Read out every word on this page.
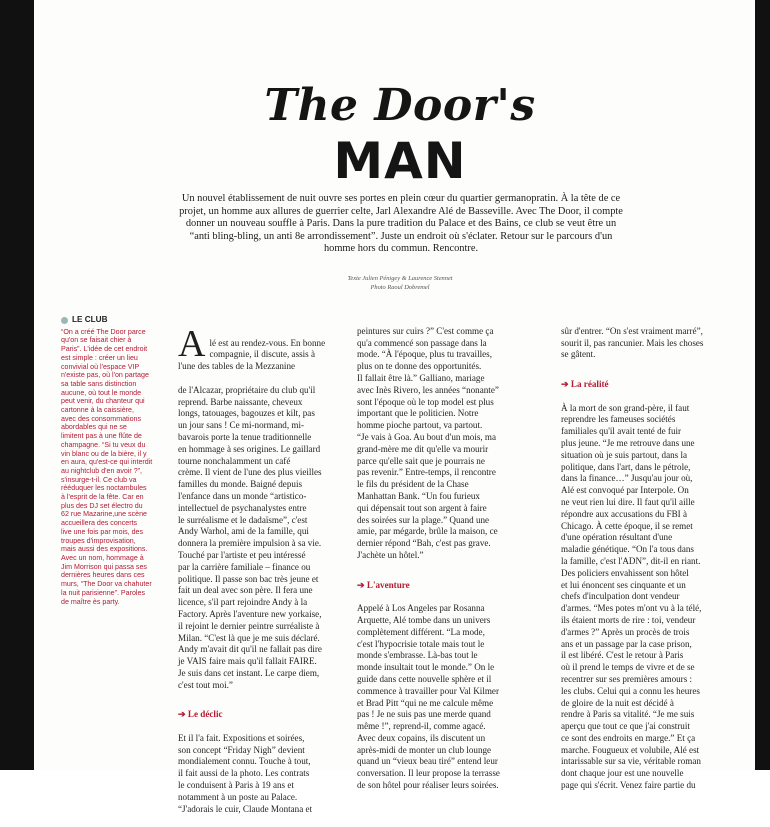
The Door's
MAN
Un nouvel établissement de nuit ouvre ses portes en plein cœur du quartier germanopratin. À la tête de ce projet, un homme aux allures de guerrier celte, Jarl Alexandre Alé de Basseville. Avec The Door, il compte donner un nouveau souffle à Paris. Dans la pure tradition du Palace et des Bains, ce club se veut être un “anti bling-bling, un anti 8e arrondissement”. Juste un endroit où s'éclater. Retour sur le parcours d'un homme hors du commun. Rencontre.
Texte Julien Pénigey & Laurence Stennet
Photo Raoul Dobremel
LE CLUB
“On a créé The Door parce
qu'on se faisait chier à
Paris”. L'idée de cet endroit
est simple : créer un lieu
convivial où l'espace VIP
n'existe pas, où l'on partage
sa table sans distinction
aucune, où tout le monde
peut venir, du chanteur qui
cartonne à la caissière,
avec des consommations
abordables qui ne se
limitent pas à une flûte de
champagne. “Si tu veux du
vin blanc ou de la bière, il y
en aura, qu'est-ce qui interdit
au nightclub d'en avoir ?”,
s'insurge-t-il. Ce club va
rééduquer les noctambules
à l'esprit de la fête. Car en
plus des DJ set électro du
62 rue Mazarine,une scène
accueillera des concerts
live une fois par mois, des
troupes d'improvisation,
mais aussi des expositions.
Avec un nom, hommage à
Jim Morrison qui passa ses
dernières heures dans ces
murs, “The Door va chahuter
la nuit parisienne”. Paroles
de maître ès party.

A lé est au rendez-vous. En bonne
compagnie, il discute, assis à
l'une des tables de la Mezzanine

de l'Alcazar, propriétaire du club qu'il
reprend. Barbe naissante, cheveux
longs, tatouages, bagouzes et kilt, pas
un jour sans ! Ce mi-normand, mi-
bavarois porte la tenue traditionnelle
en hommage à ses origines. Le gaillard
tourne nonchalamment un café
crème. Il vient de l'une des plus vieilles
familles du monde. Baigné depuis
l'enfance dans un monde “artistico-
intellectuel de psychanalystes entre
le surréalisme et le dadaïsme”, c'est
Andy Warhol, ami de la famille, qui
donnera la première impulsion à sa vie.
Touché par l'artiste et peu intéressé
par la carrière familiale – finance ou
politique. Il passe son bac très jeune et
fait un deal avec son père. Il fera une
licence, s'il part rejoindre Andy à la
Factory. Après l'aventure new yorkaise,
il rejoint le dernier peintre surréaliste à
Milan. “C'est là que je me suis déclaré.
Andy m'avait dit qu'il ne fallait pas dire
je VAIS faire mais qu'il fallait FAIRE.
Je suis dans cet instant. Le carpe diem,
c'est tout moi.”

➔ Le déclic

Et il l'a fait. Expositions et soirées,
son concept “Friday Nigh” devient
mondialement connu. Touche à tout,
il fait aussi de la photo. Les contrats
le conduisent à Paris à 19 ans et
notamment à un poste au Palace.
“J'adorais le cuir, Claude Montana et

peintures sur cuirs ?” C'est comme ça
qu'a commencé son passage dans la
mode. “À l'époque, plus tu travailles,
plus on te donne des opportunités.
Il fallait être là.” Galliano, mariage
avec Inès Rivero, les années “nonante”
sont l'époque où le top model est plus
important que le politicien. Notre
homme pioche partout, va partout.
“Je vais à Goa. Au bout d'un mois, ma
grand-mère me dit qu'elle va mourir
parce qu'elle sait que je pourrais ne
pas revenir.” Entre-temps, il rencontre
le fils du président de la Chase
Manhattan Bank. “Un fou furieux
qui dépensait tout son argent à faire
des soirées sur la plage.” Quand une
amie, par mégarde, brûle la maison, ce
dernier répond “Bah, c'est pas grave.
J'achète un hôtel.”

➔ L'aventure

Appelé à Los Angeles par Rosanna
Arquette, Alé tombe dans un univers
complètement différent. “La mode,
c'est l'hypocrisie totale mais tout le
monde s'embrasse. Là-bas tout le
monde insultait tout le monde.” On le
guide dans cette nouvelle sphère et il
commence à travailler pour Val Kilmer
et Brad Pitt “qui ne me calcule même
pas ! Je ne suis pas une merde quand
même !”, reprend-il, comme agacé.
Avec deux copains, ils discutent un
après-midi de monter un club lounge
quand un “vieux beau tiré” entend leur
conversation. Il leur propose la terrasse
de son hôtel pour réaliser leurs soirées.

sûr d'entrer. “On s'est vraiment marré”,
sourit il, pas rancunier. Mais les choses
se gâtent.

➔ La réalité

À la mort de son grand-père, il faut
reprendre les fameuses sociétés
familiales qu'il avait tenté de fuir
plus jeune. “Je me retrouve dans une
situation où je suis partout, dans la
politique, dans l'art, dans le pétrole,
dans la finance…” Jusqu'au jour où,
Alé est convoqué par Interpole. On
ne veut rien lui dire. Il faut qu'il aille
répondre aux accusations du FBI à
Chicago. À cette époque, il se remet
d'une opération résultant d'une
maladie génétique. “On l'a tous dans
la famille, c'est l'ADN”, dit-il en riant.
Des policiers envahissent son hôtel
et lui énoncent ses cinquante et un
chefs d'inculpation dont vendeur
d'armes. “Mes potes m'ont vu à la télé,
ils étaient morts de rire : toi, vendeur
d'armes ?” Après un procès de trois
ans et un passage par la case prison,
il est libéré. C'est le retour à Paris
où il prend le temps de vivre et de se
recentrer sur ses premières amours :
les clubs. Celui qui a connu les heures
de gloire de la nuit est décidé à
rendre à Paris sa vitalité. “Je me suis
aperçu que tout ce que j'ai construit
ce sont des endroits en marge.” Et ça
marche. Fougueux et volubile, Alé est
intarissable sur sa vie, véritable roman
dont chaque jour est une nouvelle
page qui s'écrit. Venez faire partie du
